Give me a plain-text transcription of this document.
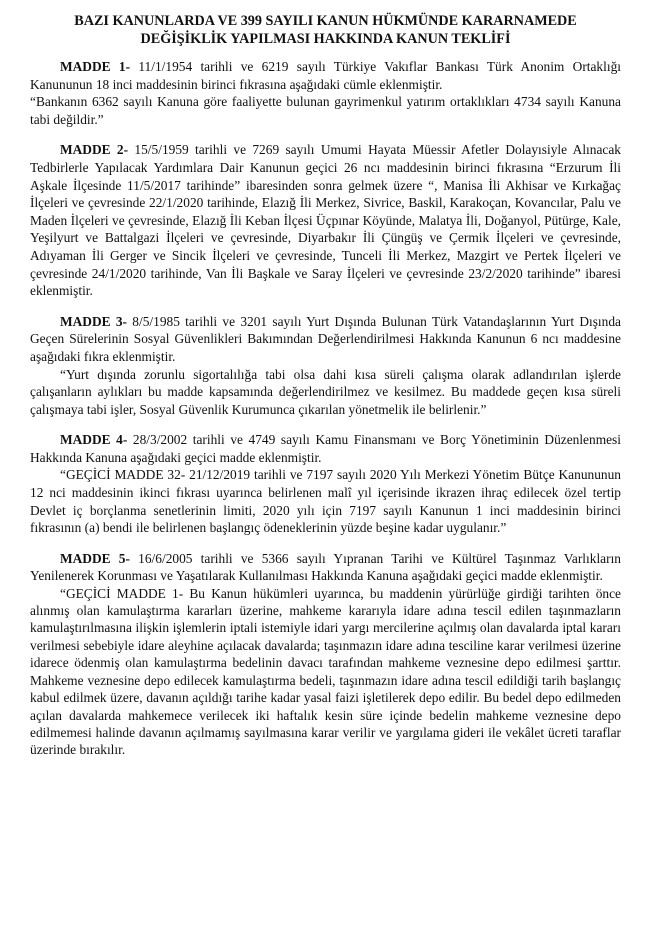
BAZI KANUNLARDA VE 399 SAYILI KANUN HÜKMÜNDE KARARNAMEDE
DEĞİŞİKLİK YAPILMASI HAKKINDA KANUN TEKLİFİ

MADDE 1- 11/1/1954 tarihli ve 6219 sayılı Türkiye Vakıflar Bankası Türk Anonim Ortaklığı Kanununun 18 inci maddesinin birinci fıkrasına aşağıdaki cümle eklenmiştir.

“Bankanın 6362 sayılı Kanuna göre faaliyette bulunan gayrimenkul yatırım ortaklıkları 4734 sayılı Kanuna tabi değildir.”

MADDE 2- 15/5/1959 tarihli ve 7269 sayılı Umumi Hayata Müessir Afetler Dolayısiyle Alınacak Tedbirlerle Yapılacak Yardımlara Dair Kanunun geçici 26 ncı maddesinin birinci fıkrasına “Erzurum İli Aşkale İlçesinde 11/5/2017 tarihinde” ibaresinden sonra gelmek üzere “, Manisa İli Akhisar ve Kırkağaç İlçeleri ve çevresinde 22/1/2020 tarihinde, Elazığ İli Merkez, Sivrice, Baskil, Karakoçan, Kovancılar, Palu ve Maden İlçeleri ve çevresinde, Elazığ İli Keban İlçesi Üçpınar Köyünde, Malatya İli, Doğanyol, Pütürge, Kale, Yeşilyurt ve Battalgazi İlçeleri ve çevresinde, Diyarbakır İli Çüngüş ve Çermik İlçeleri ve çevresinde, Adıyaman İli Gerger ve Sincik İlçeleri ve çevresinde, Tunceli İli Merkez, Mazgirt ve Pertek İlçeleri ve çevresinde 24/1/2020 tarihinde, Van İli Başkale ve Saray İlçeleri ve çevresinde 23/2/2020 tarihinde” ibaresi eklenmiştir.

MADDE 3- 8/5/1985 tarihli ve 3201 sayılı Yurt Dışında Bulunan Türk Vatandaşlarının Yurt Dışında Geçen Sürelerinin Sosyal Güvenlikleri Bakımından Değerlendirilmesi Hakkında Kanunun 6 ncı maddesine aşağıdaki fıkra eklenmiştir.

“Yurt dışında zorunlu sigortalılığa tabi olsa dahi kısa süreli çalışma olarak adlandırılan işlerde çalışanların aylıkları bu madde kapsamında değerlendirilmez ve kesilmez. Bu maddede geçen kısa süreli çalışmaya tabi işler, Sosyal Güvenlik Kurumunca çıkarılan yönetmelik ile belirlenir.”

MADDE 4- 28/3/2002 tarihli ve 4749 sayılı Kamu Finansmanı ve Borç Yönetiminin Düzenlenmesi Hakkında Kanuna aşağıdaki geçici madde eklenmiştir.

“GEÇİCİ MADDE 32- 21/12/2019 tarihli ve 7197 sayılı 2020 Yılı Merkezi Yönetim Bütçe Kanununun 12 nci maddesinin ikinci fıkrası uyarınca belirlenen malî yıl içerisinde ikrazen ihraç edilecek özel tertip Devlet iç borçlanma senetlerinin limiti, 2020 yılı için 7197 sayılı Kanunun 1 inci maddesinin birinci fıkrasının (a) bendi ile belirlenen başlangıç ödeneklerinin yüzde beşine kadar uygulanır.”

MADDE 5- 16/6/2005 tarihli ve 5366 sayılı Yıpranan Tarihi ve Kültürel Taşınmaz Varlıkların Yenilenerek Korunması ve Yaşatılarak Kullanılması Hakkında Kanuna aşağıdaki geçici madde eklenmiştir.

“GEÇİCİ MADDE 1- Bu Kanun hükümleri uyarınca, bu maddenin yürürlüğe girdiği tarihten önce alınmış olan kamulaştırma kararları üzerine, mahkeme kararıyla idare adına tescil edilen taşınmazların kamulaştırılmasına ilişkin işlemlerin iptali istemiyle idari yargı mercilerine açılmış olan davalarda iptal kararı verilmesi sebebiyle idare aleyhine açılacak davalarda; taşınmazın idare adına tesciline karar verilmesi üzerine idarece ödenmiş olan kamulaştırma bedelinin davacı tarafından mahkeme veznesine depo edilmesi şarttır. Mahkeme veznesine depo edilecek kamulaştırma bedeli, taşınmazın idare adına tescil edildiği tarih başlangıç kabul edilmek üzere, davanın açıldığı tarihe kadar yasal faizi işletilerek depo edilir. Bu bedel depo edilmeden açılan davalarda mahkemece verilecek iki haftalık kesin süre içinde bedelin mahkeme veznesine depo edilmemesi halinde davanın açılmamış sayılmasına karar verilir ve yargılama gideri ile vekâlet ücreti taraflar üzerinde bırakılır.
